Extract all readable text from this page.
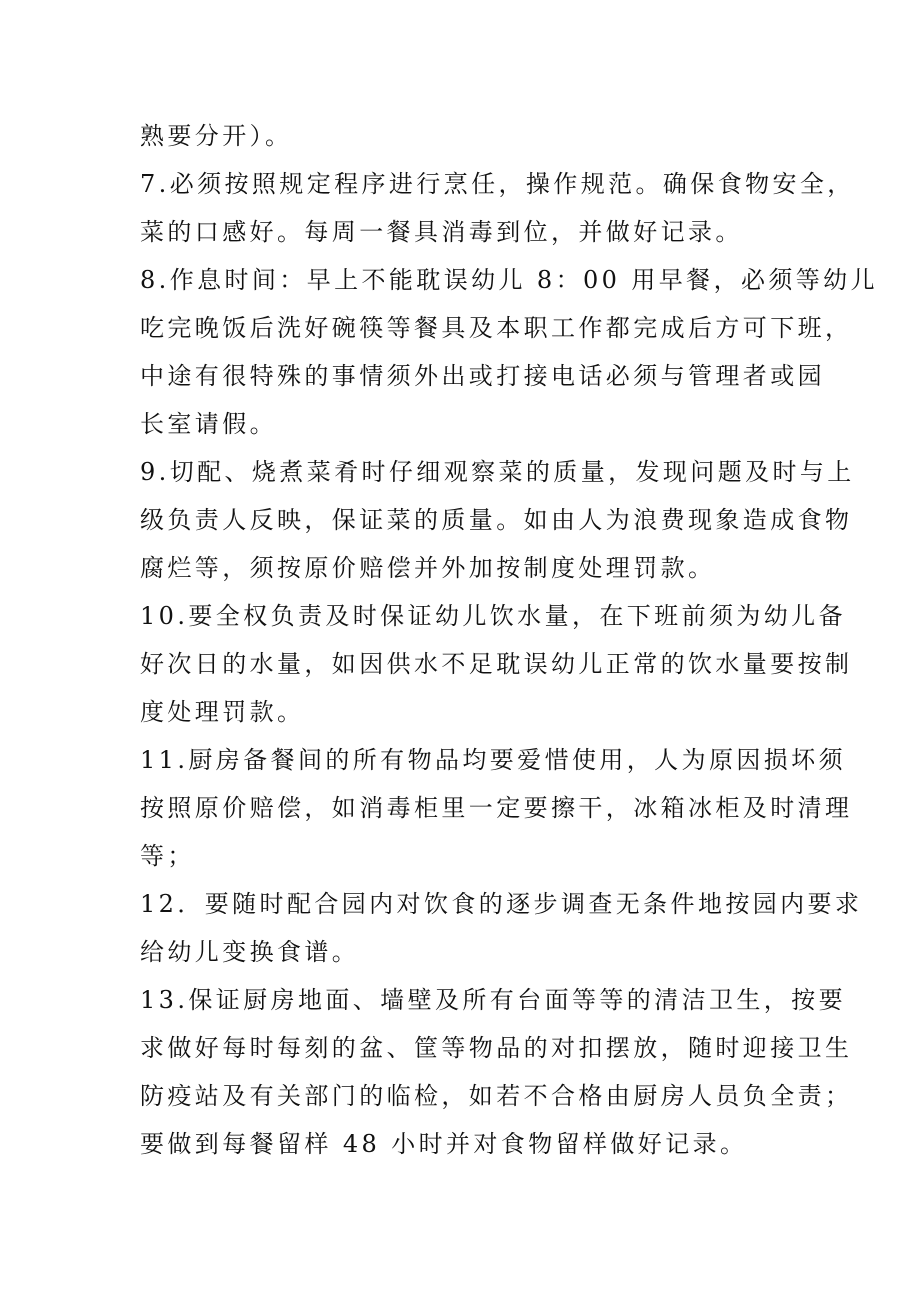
熟要分开）。
7.必须按照规定程序进行烹任，操作规范。确保食物安全，
菜的口感好。每周一餐具消毒到位，并做好记录。
8.作息时间：早上不能耽误幼儿 8：00 用早餐，必须等幼儿
吃完晚饭后洗好碗筷等餐具及本职工作都完成后方可下班，
中途有很特殊的事情须外出或打接电话必须与管理者或园
长室请假。
9.切配、烧煮菜肴时仔细观察菜的质量，发现问题及时与上
级负责人反映，保证菜的质量。如由人为浪费现象造成食物
腐烂等，须按原价赔偿并外加按制度处理罚款。
10.要全权负责及时保证幼儿饮水量，在下班前须为幼儿备
好次日的水量，如因供水不足耽误幼儿正常的饮水量要按制
度处理罚款。
11.厨房备餐间的所有物品均要爱惜使用，人为原因损坏须
按照原价赔偿，如消毒柜里一定要擦干，冰箱冰柜及时清理
等；
12．要随时配合园内对饮食的逐步调查无条件地按园内要求
给幼儿变换食谱。
13.保证厨房地面、墙壁及所有台面等等的清洁卫生，按要
求做好每时每刻的盆、筐等物品的对扣摆放，随时迎接卫生
防疫站及有关部门的临检，如若不合格由厨房人员负全责；
要做到每餐留样 48 小时并对食物留样做好记录。
